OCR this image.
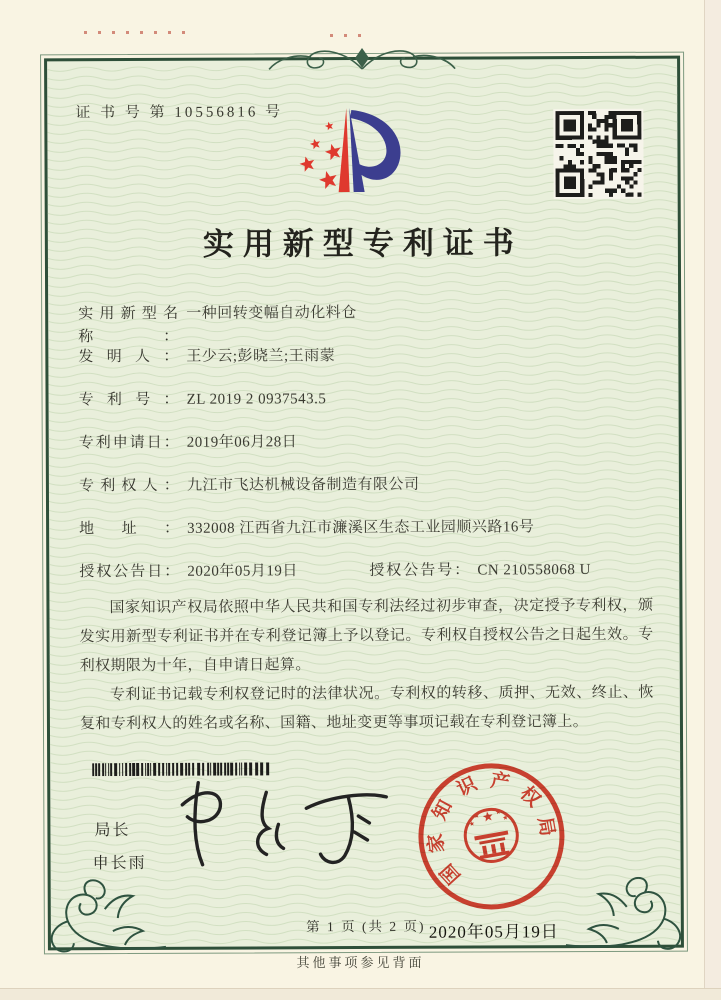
证 书 号 第 10556816 号
实用新型专利证书
实用新型名称：
一种回转变幅自动化料仓
发明人： 王少云;彭晓兰;王雨蒙
专利号： ZL 2019 2 0937543.5
专利申请日： 2019年06月28日
专利权人： 九江市飞达机械设备制造有限公司
地址： 332008 江西省九江市濂溪区生态工业园顺兴路16号
授权公告日： 2020年05月19日	授权公告号： CN 210558068 U

国家知识产权局依照中华人民共和国专利法经过初步审查，决定授予专利权，颁发实用新型专利证书并在专利登记簿上予以登记。专利权自授权公告之日起生效。专利权期限为十年，自申请日起算。

专利证书记载专利权登记时的法律状况。专利权的转移、质押、无效、终止、恢复和专利权人的姓名或名称、国籍、地址变更等事项记载在专利登记簿上。

局长
申长雨	国
家
知
识 产
权
局
2020年05月19日
第 1 页 (共 2 页)
其他事项参见背面
